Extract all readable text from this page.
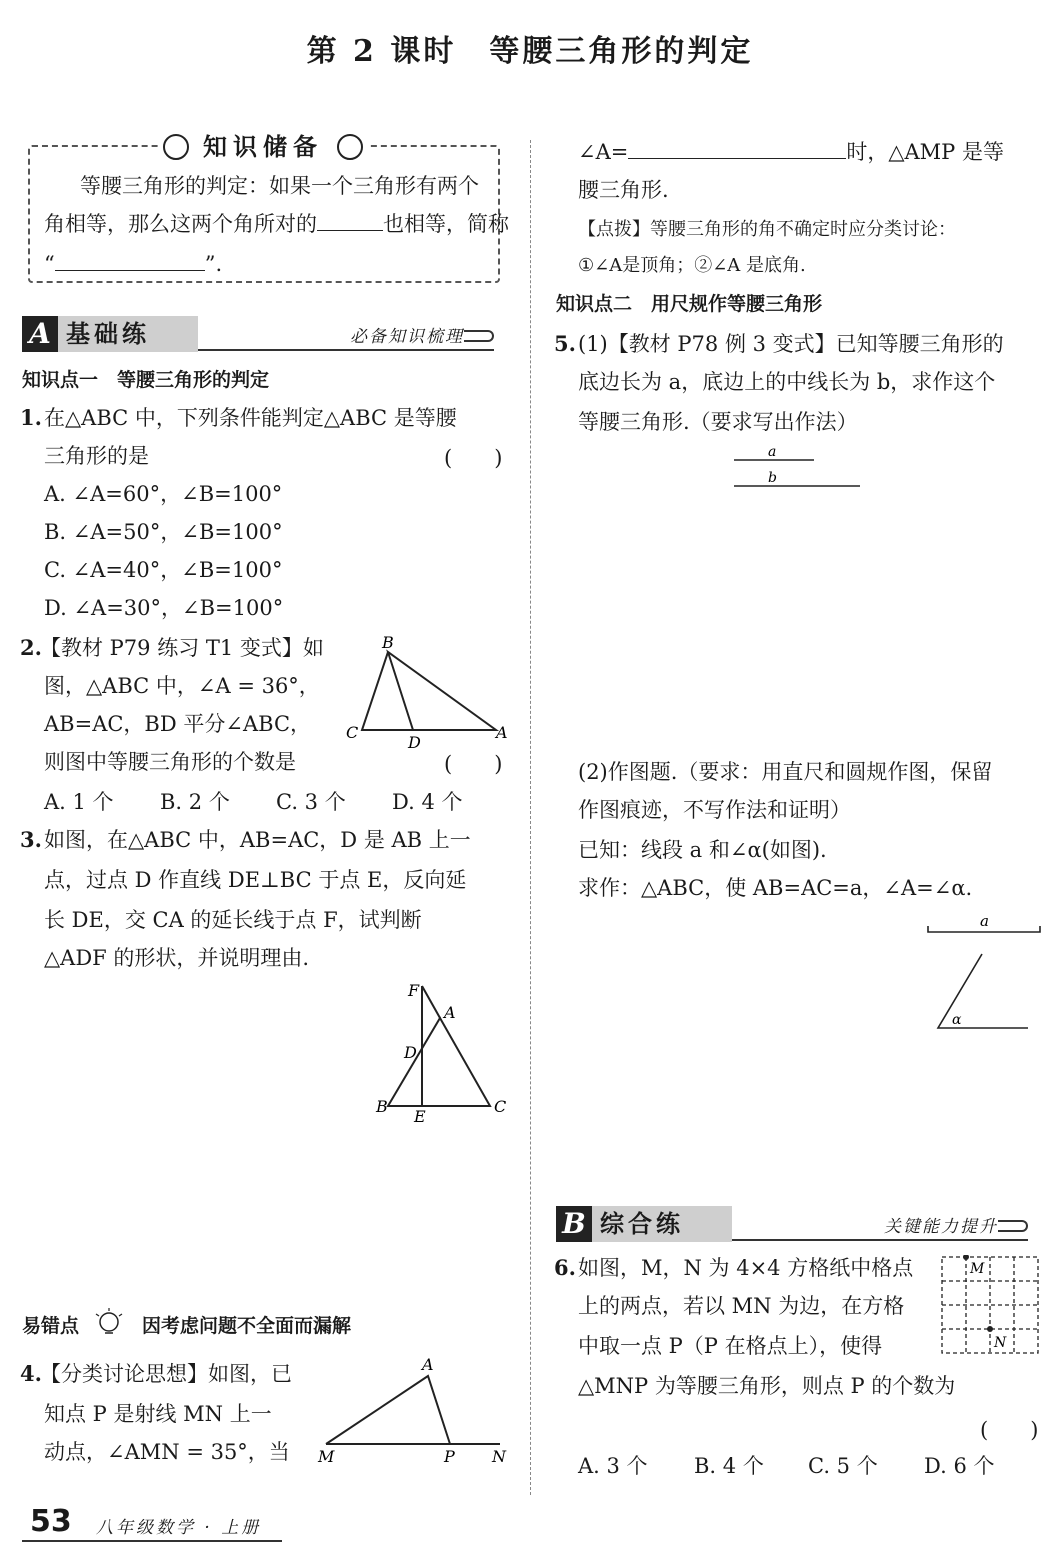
第 2 课时　等腰三角形的判定
知识储备
等腰三角形的判定：如果一个三角形有两个
角相等，那么这两个角所对的	也相等，简称
“	”.
A 基础练	必备知识梳理
知识点一　等腰三角形的判定
1. 在△ABC 中，下列条件能判定△ABC 是等腰
三角形的是	(　　)
A. ∠A=60°，∠B=100°
B. ∠A=50°，∠B=100°
C. ∠A=40°，∠B=100°
D. ∠A=30°，∠B=100°
2.
【教材 P79 练习 T1 变式】如
图，△ABC 中，∠A = 36°，
AB=AC，BD 平分∠ABC，
则图中等腰三角形的个数是	(　　)
A. 1 个 B. 2 个 C. 3 个 D. 4 个
B
C
D
A
3. 如图，在△ABC 中，AB=AC，D 是 AB 上一
点，过点 D 作直线 DE⊥BC 于点 E，反向延
长 DE，交 CA 的延长线于点 F，试判断
△ADF 的形状，并说明理由.
F
A
D
B
E
C
易错点	因考虑问题不全面而漏解
4.
【分类讨论思想】如图，已
知点 P 是射线 MN 上一
动点，∠AMN = 35°，当
A
M	P N
∠A=	时，△AMP 是等
腰三角形.
【点拨】等腰三角形的角不确定时应分类讨论：
①∠A是顶角；②∠A 是底角.
知识点二　用尺规作等腰三角形
5. (1)【教材 P78 例 3 变式】已知等腰三角形的
底边长为 a，底边上的中线长为 b，求作这个
等腰三角形.（要求写出作法）
a
b
(2)作图题.（要求：用直尺和圆规作图，保留
作图痕迹，不写作法和证明）
已知：线段 a 和∠α(如图).
求作：△ABC，使 AB=AC=a，∠A=∠α.
a
α
B 综合练	关键能力提升
6. 如图，M，N 为 4×4 方格纸中格点
上的两点，若以 MN 为边，在方格
中取一点 P（P 在格点上），使得
△MNP 为等腰三角形，则点 P 的个数为
(　　)
A. 3 个 B. 4 个 C. 5 个 D. 6 个
M
N
53 八年级数学 · 上册
